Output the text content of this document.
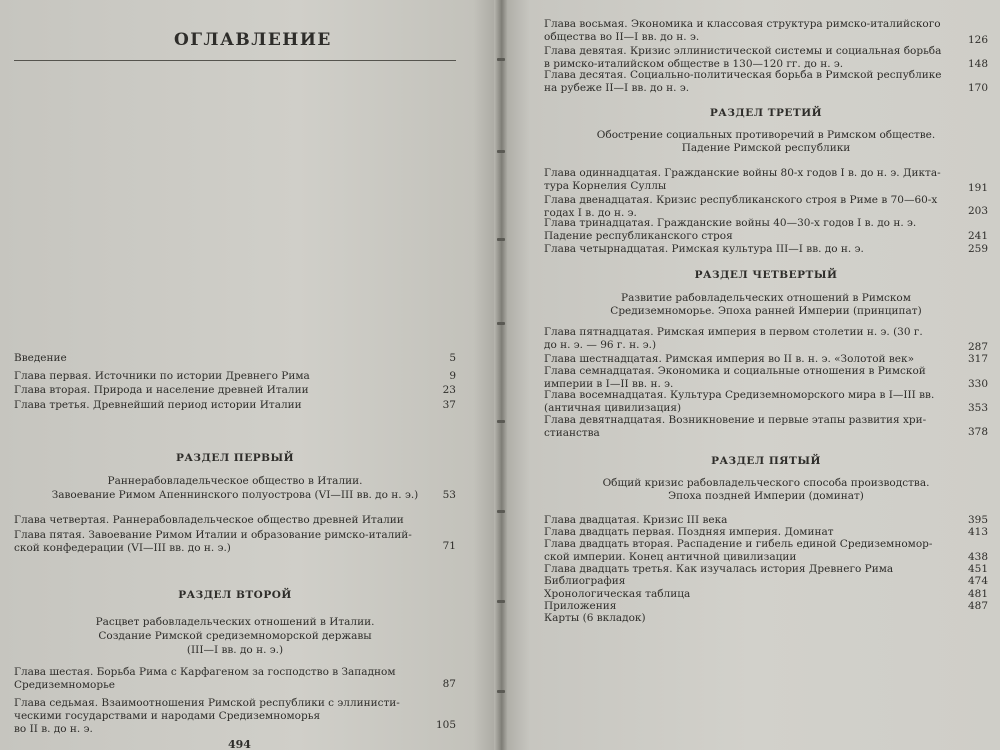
ОГЛАВЛЕНИЕ
Введение	5
Глава первая. Источники по истории Древнего Рима	9
Глава вторая. Природа и население древней Италии	23
Глава третья. Древнейший период истории Италии	37
РАЗДЕЛ ПЕРВЫЙ
Раннерабовладельческое общество в Италии.
Завоевание Римом Апеннинского полуострова (VI—III вв. до н. э.)	53
Глава четвертая. Раннерабовладельческое общество древней Италии
Глава пятая. Завоевание Римом Италии и образование римско-италий-
ской конфедерации (VI—III вв. до н. э.)	71
РАЗДЕЛ ВТОРОЙ
Расцвет рабовладельческих отношений в Италии.
Создание Римской средиземноморской державы
(III—I вв. до н. э.)
Глава шестая. Борьба Рима с Карфагеном за господство в Западном
Средиземноморье	87
Глава седьмая. Взаимоотношения Римской республики с эллинисти-
ческими государствами и народами Средиземноморья
во II в. до н. э.	105
494
Глава восьмая. Экономика и классовая структура римско-италийского
общества во II—I вв. до н. э.	126
Глава девятая. Кризис эллинистической системы и социальная борьба
в римско-италийском обществе в 130—120 гг. до н. э.	148
Глава десятая. Социально-политическая борьба в Римской республике
на рубеже II—I вв. до н. э.	170
РАЗДЕЛ ТРЕТИЙ
Обострение социальных противоречий в Римском обществе.
Падение Римской республики
Глава одиннадцатая. Гражданские войны 80-х годов I в. до н. э. Дикта-
тура Корнелия Суллы	191
Глава двенадцатая. Кризис республиканского строя в Риме в 70—60-х
годах I в. до н. э.	203
Глава тринадцатая. Гражданские войны 40—30-х годов I в. до н. э.
Падение республиканского строя	241
Глава четырнадцатая. Римская культура III—I вв. до н. э.	259
РАЗДЕЛ ЧЕТВЕРТЫЙ
Развитие рабовладельческих отношений в Римском
Средиземноморье. Эпоха ранней Империи (принципат)
Глава пятнадцатая. Римская империя в первом столетии н. э. (30 г.
до н. э. — 96 г. н. э.)	287
Глава шестнадцатая. Римская империя во II в. н. э. «Золотой век»	317
Глава семнадцатая. Экономика и социальные отношения в Римской
империи в I—II вв. н. э.	330
Глава восемнадцатая. Культура Средиземноморского мира в I—III вв.
(античная цивилизация)	353
Глава девятнадцатая. Возникновение и первые этапы развития хри-
стианства	378
РАЗДЕЛ ПЯТЫЙ
Общий кризис рабовладельческого способа производства.
Эпоха поздней Империи (доминат)
Глава двадцатая. Кризис III века	395
Глава двадцать первая. Поздняя империя. Доминат	413
Глава двадцать вторая. Распадение и гибель единой Средиземномор-
ской империи. Конец античной цивилизации	438
Глава двадцать третья. Как изучалась история Древнего Рима	451
Библиография	474
Хронологическая таблица	481
Приложения	487
Карты (6 вкладок)
